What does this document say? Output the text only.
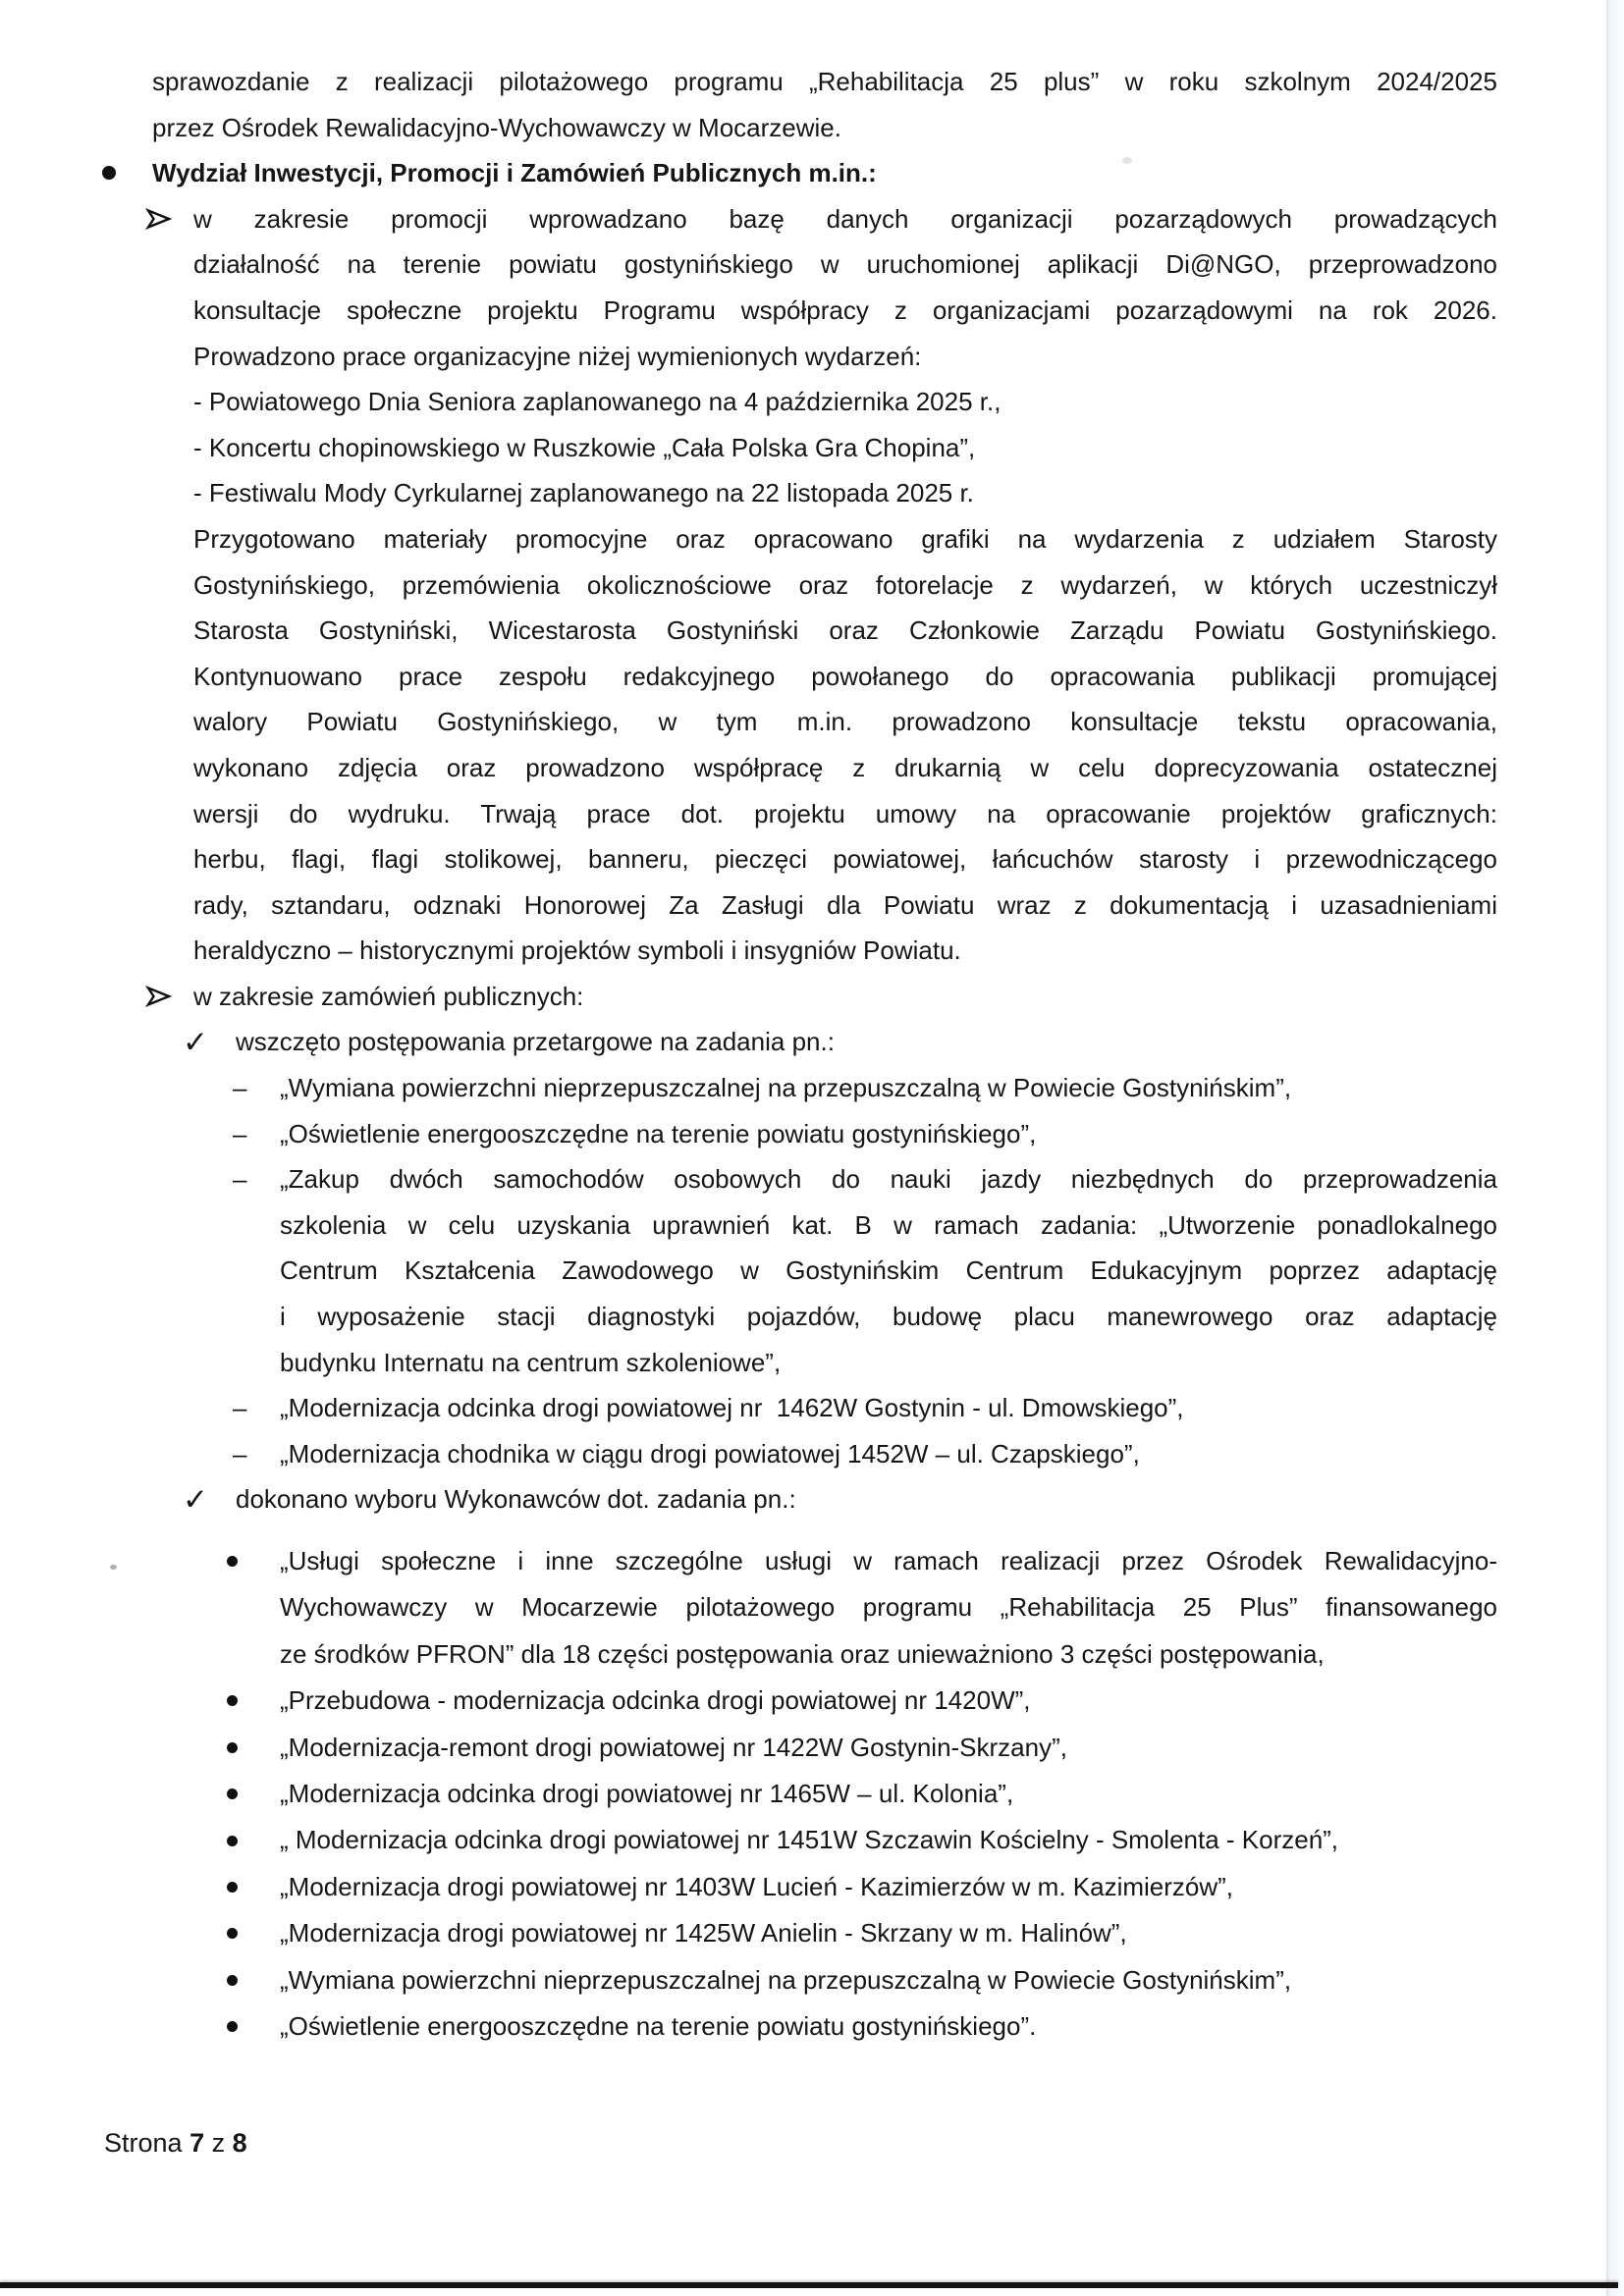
sprawozdanie z realizacji pilotażowego programu „Rehabilitacja 25 plus” w roku szkolnym 2024/2025
przez Ośrodek Rewalidacyjno-Wychowawczy w Mocarzewie.
Wydział Inwestycji, Promocji i Zamówień Publicznych m.in.:
w zakresie promocji wprowadzano bazę danych organizacji pozarządowych prowadzących
działalność na terenie powiatu gostynińskiego w uruchomionej aplikacji Di@NGO, przeprowadzono
konsultacje społeczne projektu Programu współpracy z organizacjami pozarządowymi na rok 2026.
Prowadzono prace organizacyjne niżej wymienionych wydarzeń:
- Powiatowego Dnia Seniora zaplanowanego na 4 października 2025 r.,
- Koncertu chopinowskiego w Ruszkowie „Cała Polska Gra Chopina”,
- Festiwalu Mody Cyrkularnej zaplanowanego na 22 listopada 2025 r.
Przygotowano materiały promocyjne oraz opracowano grafiki na wydarzenia z udziałem Starosty
Gostynińskiego, przemówienia okolicznościowe oraz fotorelacje z wydarzeń, w których uczestniczył
Starosta Gostyniński, Wicestarosta Gostyniński oraz Członkowie Zarządu Powiatu Gostynińskiego.
Kontynuowano prace zespołu redakcyjnego powołanego do opracowania publikacji promującej
walory Powiatu Gostynińskiego, w tym m.in. prowadzono konsultacje tekstu opracowania,
wykonano zdjęcia oraz prowadzono współpracę z drukarnią w celu doprecyzowania ostatecznej
wersji do wydruku. Trwają prace dot. projektu umowy na opracowanie projektów graficznych:
herbu, flagi, flagi stolikowej, banneru, pieczęci powiatowej, łańcuchów starosty i przewodniczącego
rady, sztandaru, odznaki Honorowej Za Zasługi dla Powiatu wraz z dokumentacją i uzasadnieniami
heraldyczno – historycznymi projektów symboli i insygniów Powiatu.
w zakresie zamówień publicznych:
✓ wszczęto postępowania przetargowe na zadania pn.:
– „Wymiana powierzchni nieprzepuszczalnej na przepuszczalną w Powiecie Gostynińskim”,
– „Oświetlenie energooszczędne na terenie powiatu gostynińskiego”,
– „Zakup dwóch samochodów osobowych do nauki jazdy niezbędnych do przeprowadzenia
szkolenia w celu uzyskania uprawnień kat. B w ramach zadania: „Utworzenie ponadlokalnego
Centrum Kształcenia Zawodowego w Gostynińskim Centrum Edukacyjnym poprzez adaptację
i wyposażenie stacji diagnostyki pojazdów, budowę placu manewrowego oraz adaptację
budynku Internatu na centrum szkoleniowe”,
– „Modernizacja odcinka drogi powiatowej nr  1462W Gostynin - ul. Dmowskiego”,
– „Modernizacja chodnika w ciągu drogi powiatowej 1452W – ul. Czapskiego”,
✓ dokonano wyboru Wykonawców dot. zadania pn.:
„Usługi społeczne i inne szczególne usługi w ramach realizacji przez Ośrodek Rewalidacyjno-
Wychowawczy w Mocarzewie pilotażowego programu „Rehabilitacja 25 Plus” finansowanego
ze środków PFRON” dla 18 części postępowania oraz unieważniono 3 części postępowania,
„Przebudowa - modernizacja odcinka drogi powiatowej nr 1420W”,
„Modernizacja-remont drogi powiatowej nr 1422W Gostynin-Skrzany”,
„Modernizacja odcinka drogi powiatowej nr 1465W – ul. Kolonia”,
„ Modernizacja odcinka drogi powiatowej nr 1451W Szczawin Kościelny - Smolenta - Korzeń”,
„Modernizacja drogi powiatowej nr 1403W Lucień - Kazimierzów w m. Kazimierzów”,
„Modernizacja drogi powiatowej nr 1425W Anielin - Skrzany w m. Halinów”,
„Wymiana powierzchni nieprzepuszczalnej na przepuszczalną w Powiecie Gostynińskim”,
„Oświetlenie energooszczędne na terenie powiatu gostynińskiego”.
Strona 7 z 8
